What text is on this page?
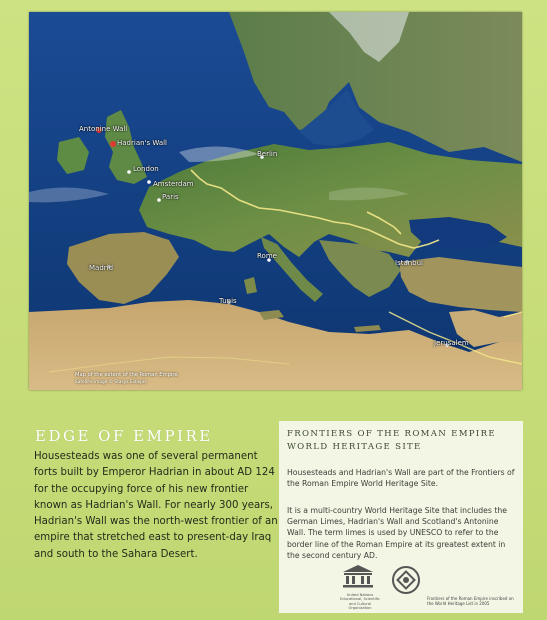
Antonine Wall
Hadrian's Wall
London
Amsterdam
Paris
Berlin
Rome
Madrid
Istanbul
Tunis
Jerusalem
Map of the extent of the Roman Empire.
Satellite image © Stasys Eidiejus
EDGE OF EMPIRE
Housesteads was one of several permanent forts built by Emperor Hadrian in about AD 124 for the occupying force of his new frontier known as Hadrian's Wall. For nearly 300 years, Hadrian's Wall was the north-west frontier of an empire that stretched east to present-day Iraq and south to the Sahara Desert.
FRONTIERS OF THE ROMAN EMPIRE WORLD HERITAGE SITE
Housesteads and Hadrian's Wall are part of the Frontiers of the Roman Empire World Heritage Site.
It is a multi-country World Heritage Site that includes the German Limes, Hadrian's Wall and Scotland's Antonine Wall. The term limes is used by UNESCO to refer to the border line of the Roman Empire at its greatest extent in the second century AD.
United Nations Educational, Scientific and Cultural Organization
Frontiers of the Roman Empire inscribed on the World Heritage List in 2005
